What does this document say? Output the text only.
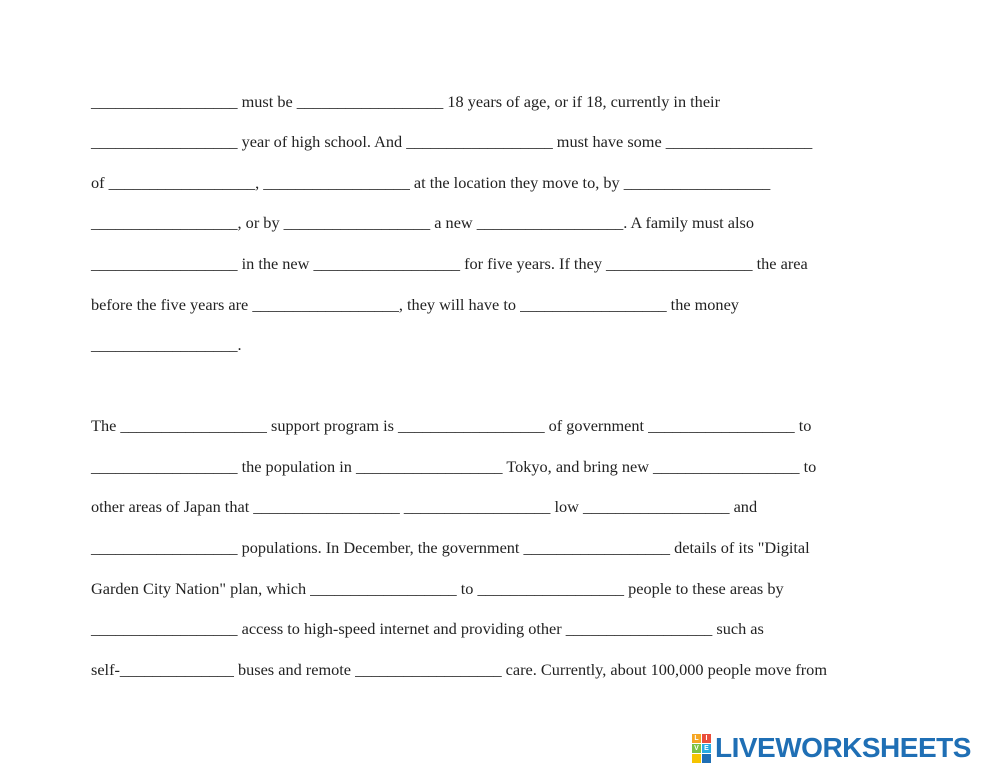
__________________ must be __________________ 18 years of age, or if 18, currently in their
__________________ year of high school. And __________________ must have some __________________
of __________________, __________________ at the location they move to, by __________________
__________________, or by __________________ a new __________________. A family must also
__________________ in the new __________________ for five years. If they __________________ the area
before the five years are __________________, they will have to __________________ the money
__________________.
The __________________ support program is __________________ of government __________________ to
__________________ the population in __________________ Tokyo, and bring new __________________ to
other areas of Japan that __________________ __________________ low __________________ and
__________________ populations. In December, the government __________________ details of its "Digital
Garden City Nation" plan, which __________________ to __________________ people to these areas by
__________________ access to high-speed internet and providing other __________________ such as
self-______________ buses and remote __________________ care. Currently, about 100,000 people move from
L I
V E LIVEWORKSHEETS
